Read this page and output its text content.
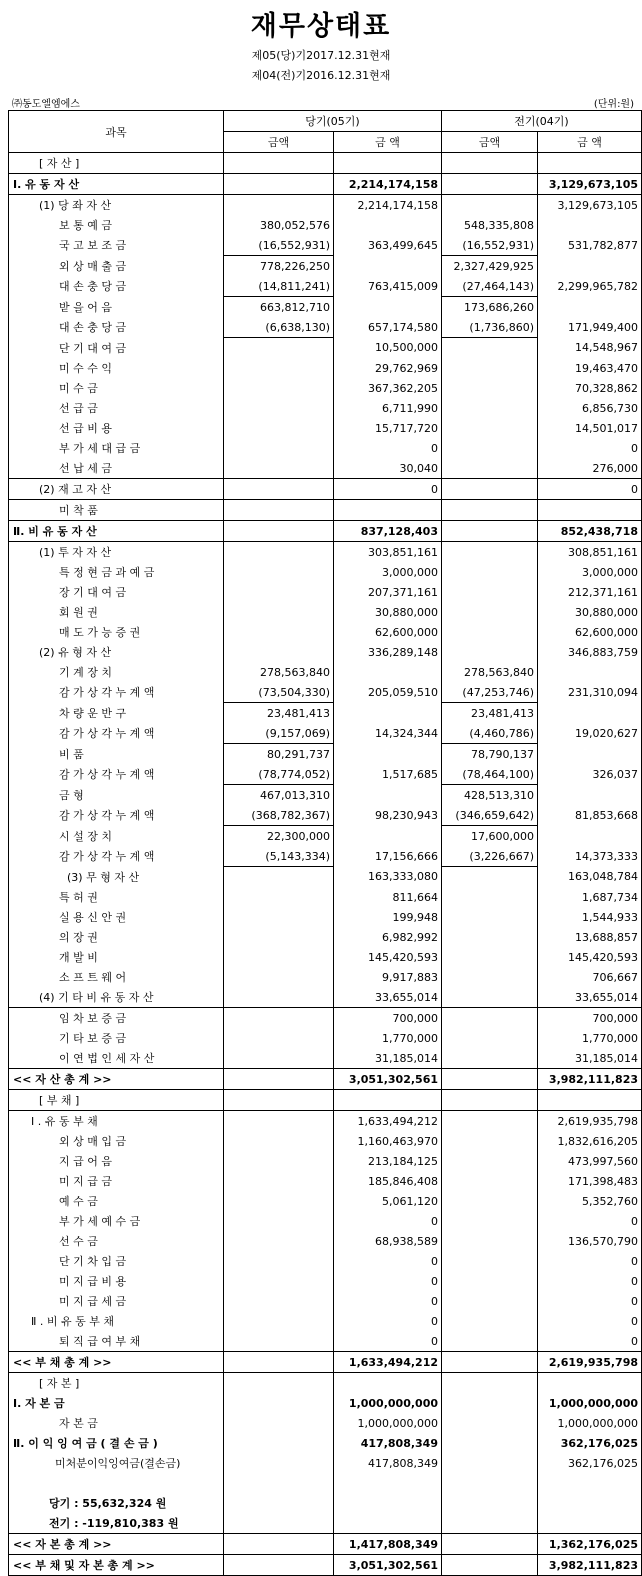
재무상태표
제05(당)기2017.12.31현재
제04(전)기2016.12.31현재
㈜동도엘엠에스	(단위:원)
과목	당기(05기)		전기(04기)	
	금액	금 액	금액	금 액
[ 자 산 ]				
Ⅰ. 유 동 자 산		2,214,174,158		3,129,673,105
(1) 당 좌 자 산		2,214,174,158		3,129,673,105
보 통 예 금	380,052,576		548,335,808	
국 고 보 조 금	(16,552,931)	363,499,645	(16,552,931)	531,782,877
외 상 매 출 금	778,226,250		2,327,429,925	
대 손 충 당 금	(14,811,241)	763,415,009	(27,464,143)	2,299,965,782
받 을 어 음	663,812,710		173,686,260	
대 손 충 당 금	(6,638,130)	657,174,580	(1,736,860)	171,949,400
단 기 대 여 금		10,500,000		14,548,967
미 수 수 익		29,762,969		19,463,470
미 수 금		367,362,205		70,328,862
선 급 금		6,711,990		6,856,730
선 급 비 용		15,717,720		14,501,017
부 가 세 대 급 금		0		0
선 납 세 금		30,040		276,000
(2) 재 고 자 산		0		0
미 착 품				
Ⅱ. 비 유 동 자 산		837,128,403		852,438,718
(1) 투 자 자 산		303,851,161		308,851,161
특 정 현 금 과 예 금		3,000,000		3,000,000
장 기 대 여 금		207,371,161		212,371,161
회 원 권		30,880,000		30,880,000
매 도 가 능 증 권		62,600,000		62,600,000
(2) 유 형 자 산		336,289,148		346,883,759
기 계 장 치	278,563,840		278,563,840	
감 가 상 각 누 계 액	(73,504,330)	205,059,510	(47,253,746)	231,310,094
차 량 운 반 구	23,481,413		23,481,413	
감 가 상 각 누 계 액	(9,157,069)	14,324,344	(4,460,786)	19,020,627
비 품	80,291,737		78,790,137	
감 가 상 각 누 계 액	(78,774,052)	1,517,685	(78,464,100)	326,037
금 형	467,013,310		428,513,310	
감 가 상 각 누 계 액	(368,782,367)	98,230,943	(346,659,642)	81,853,668
시 설 장 치	22,300,000		17,600,000	
감 가 상 각 누 계 액	(5,143,334)	17,156,666	(3,226,667)	14,373,333
(3) 무 형 자 산		163,333,080		163,048,784
특 허 권		811,664		1,687,734
실 용 신 안 권		199,948		1,544,933
의 장 권		6,982,992		13,688,857
개 발 비		145,420,593		145,420,593
소 프 트 웨 어		9,917,883		706,667
(4) 기 타 비 유 동 자 산		33,655,014		33,655,014
임 차 보 증 금		700,000		700,000
기 타 보 증 금		1,770,000		1,770,000
이 연 법 인 세 자 산		31,185,014		31,185,014
<< 자 산 총 계 >>		3,051,302,561		3,982,111,823
[ 부 채 ]				
Ⅰ . 유 동 부 채		1,633,494,212		2,619,935,798
외 상 매 입 금		1,160,463,970		1,832,616,205
지 급 어 음		213,184,125		473,997,560
미 지 급 금		185,846,408		171,398,483
예 수 금		5,061,120		5,352,760
부 가 세 예 수 금		0		0
선 수 금		68,938,589		136,570,790
단 기 차 입 금		0		0
미 지 급 비 용		0		0
미 지 급 세 금		0		0
Ⅱ . 비 유 동 부 채		0		0
퇴 직 급 여 부 채		0		0
<< 부 채 총 계 >>		1,633,494,212		2,619,935,798
[ 자 본 ]				
Ⅰ. 자 본 금		1,000,000,000		1,000,000,000
자 본 금		1,000,000,000		1,000,000,000
Ⅱ. 이 익 잉 여 금 ( 결 손 금 )		417,808,349		362,176,025
미처분이익잉여금(결손금)		417,808,349		362,176,025

당기 : 55,632,324 원				
전기 : -119,810,383 원				
<< 자 본 총 계 >>		1,417,808,349		1,362,176,025
<< 부 채 및 자 본 총 계 >>		3,051,302,561		3,982,111,823
